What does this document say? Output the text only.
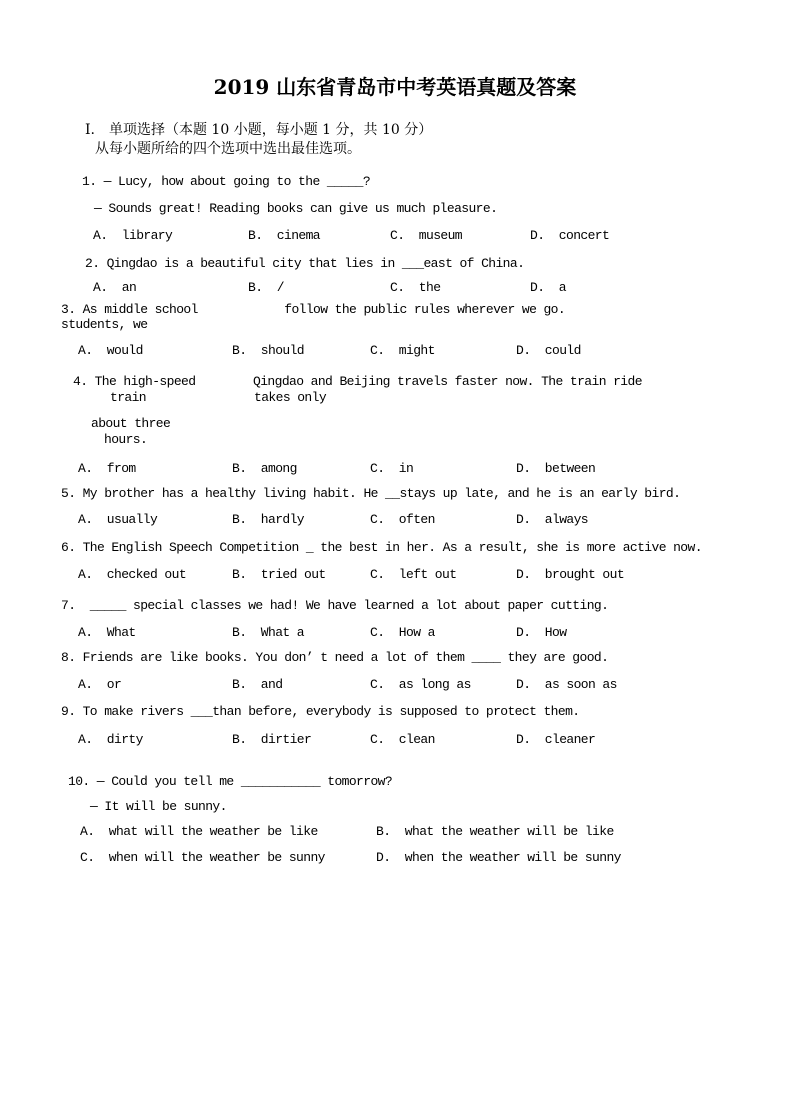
2019 山东省青岛市中考英语真题及答案
I.　单项选择（本题 10 小题，每小题 1 分，共 10 分）
从每小题所给的四个选项中选出最佳选项。
1. — Lucy, how about going to the _____?
— Sounds great! Reading books can give us much pleasure.
A.  library	B.  cinema	C.  museum	D.  concert
2. Qingdao is a beautiful city that lies in ___east of China.
A.  an	B.  /	C.  the	D.  a
3. As middle school            follow the public rules wherever we go.
students, we
A.  would	B.  should	C.  might	D.  could
4. The high-speed        Qingdao and Beijing travels faster now. The train ride
train               takes only
about three
hours.
A.  from	B.  among	C.  in	D.  between
5. My brother has a healthy living habit. He __stays up late, and he is an early bird.
A.  usually	B.  hardly	C.  often	D.  always
6. The English Speech Competition _ the best in her. As a result, she is more active now.
A.  checked out	B.  tried out	C.  left out	D.  brought out
7.  _____ special classes we had! We have learned a lot about paper cutting.
A.  What	B.  What a	C.  How a	D.  How
8. Friends are like books. You don’ t need a lot of them ____ they are good.
A.  or	B.  and	C.  as long as	D.  as soon as
9. To make rivers ___than before, everybody is supposed to protect them.
A.  dirty	B.  dirtier	C.  clean	D.  cleaner
10. — Could you tell me ___________ tomorrow?
— It will be sunny.
A.  what will the weather be like	B.  what the weather will be like
C.  when will the weather be sunny	D.  when the weather will be sunny
